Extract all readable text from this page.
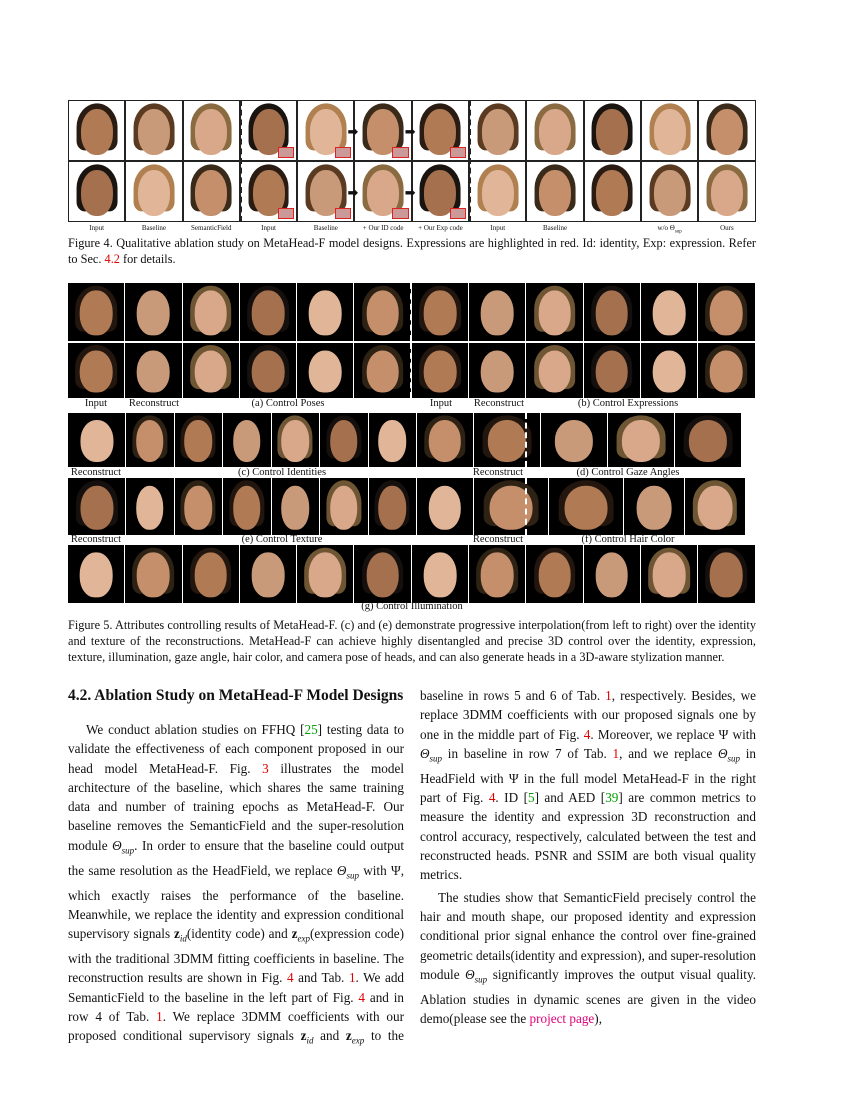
➡
➡
➡
➡
Input	Baseline	SemanticField	Input	Baseline	+ Our ID code + Our Exp code	Input	Baseline	w/o $\Theta_{sup}$	Ours
Figure 4. Qualitative ablation study on MetaHead-F model designs. Expressions are highlighted in red. Id: identity, Exp: expression. Refer to Sec. 4.2 for details.
Input Reconstruct	(a) Control Poses	Input Reconstruct	(b) Control Expressions
Reconstruct	(c) Control Identities	Reconstruct	(d) Control Gaze Angles
Reconstruct	(e) Control Texture	Reconstruct	(f) Control Hair Color
(g) Control Illumination
Figure 5. Attributes controlling results of MetaHead-F. (c) and (e) demonstrate progressive interpolation(from left to right) over the identity and texture of the reconstructions. MetaHead-F can achieve highly disentangled and precise 3D control over the identity, expression, texture, illumination, gaze angle, hair color, and camera pose of heads, and can also generate heads in a 3D-aware stylization manner.
4.2. Ablation Study on MetaHead-F Model Designs

We conduct ablation studies on FFHQ [25] testing data to validate the effectiveness of each component proposed in our head model MetaHead-F. Fig. 3 illustrates the model architecture of the baseline, which shares the same training data and number of training epochs as MetaHead-F. Our baseline removes the SemanticField and the super-resolution module $\Theta_{sup}$. In order to ensure that the baseline could output the same resolution as the HeadField, we replace $\Theta_{sup}$ with Ψ, which exactly raises the performance of the baseline. Meanwhile, we replace the identity and expression conditional supervisory signals $z_{id}(identity$ code) and $z_{exp}(expression$ code) with the traditional 3DMM fitting coefficients in baseline. The reconstruction results are shown in Fig. 4 and Tab. 1. We add SemanticField to the baseline in the left part of Fig. 4 and in row 4 of Tab. 1. We replace 3DMM coefficients with our proposed conditional supervisory signals $z_{id}$ and $z_{exp}$ to the baseline in rows 5 and 6 of Tab. 1, respectively. Besides, we replace 3DMM coefficients with our proposed signals one by one in the middle part of Fig. 4. Moreover, we replace Ψ with $\Theta_{sup}$ in baseline in row 7 of Tab. 1, and we replace $\Theta_{sup}$ in HeadField with Ψ in the full model MetaHead-F in the right part of Fig. 4. ID [5] and AED [39] are common metrics to measure the identity and expression 3D reconstruction and control accuracy, respectively, calculated between the test and reconstructed heads. PSNR and SSIM are both visual quality metrics.

The studies show that SemanticField precisely control the hair and mouth shape, our proposed identity and expression conditional prior signal enhance the control over fine-grained geometric details(identity and expression), and super-resolution module $\Theta_{sup}$ significantly improves the output visual quality. Ablation studies in dynamic scenes are given in the video demo(please see the project page),
